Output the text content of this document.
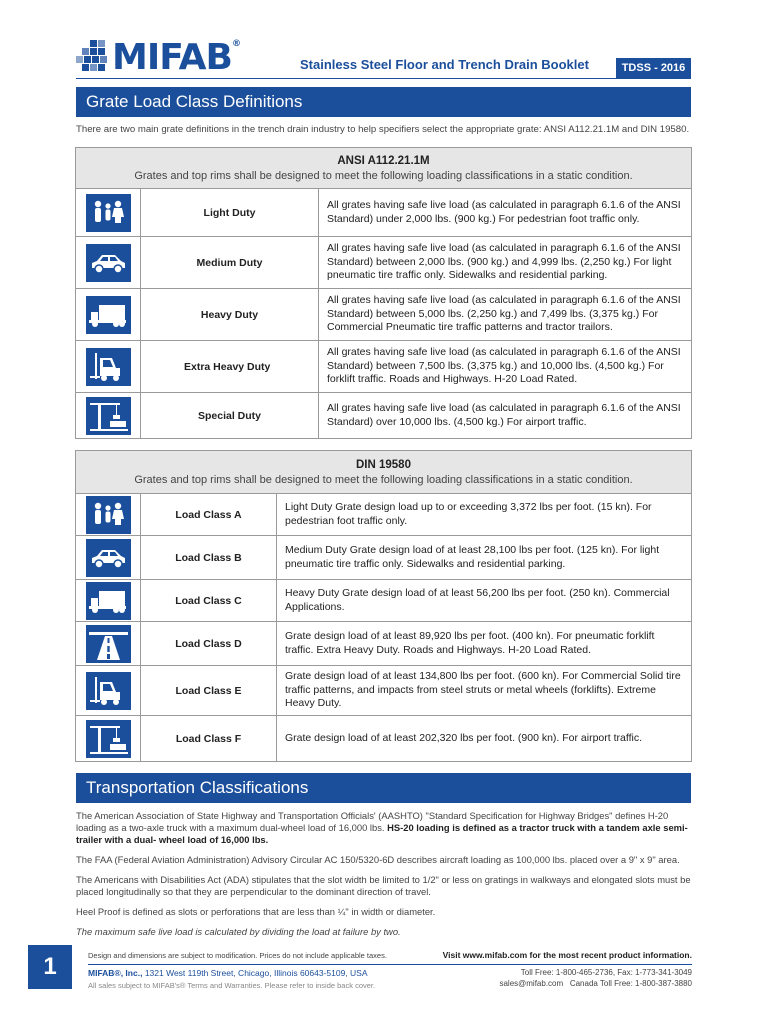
MIFAB®
Stainless Steel Floor and Trench Drain Booklet	TDSS - 2016
Grate Load Class Definitions
There are two main grate definitions in the trench drain industry to help specifiers select the appropriate grate: ANSI A112.21.1M and DIN 19580.
ANSI A112.21.1M
Grates and top rims shall be designed to meet the following loading classifications in a static condition.		

	Light Duty	All grates having safe live load (as calculated in paragraph 6.1.6 of the ANSI Standard) under 2,000 lbs. (900 kg.) For pedestrian foot traffic only.

	Medium Duty	All grates having safe live load (as calculated in paragraph 6.1.6 of the ANSI Standard) between 2,000 lbs. (900 kg.) and 4,999 lbs. (2,250 kg.) For light pneumatic tire traffic only. Sidewalks and residential parking.

	Heavy Duty	All grates having safe live load (as calculated in paragraph 6.1.6 of the ANSI Standard) between 5,000 lbs. (2,250 kg.) and 7,499 lbs. (3,375 kg.) For Commercial Pneumatic tire traffic patterns and tractor trailors.

	Extra Heavy Duty	All grates having safe live load (as calculated in paragraph 6.1.6 of the ANSI Standard) between 7,500 lbs. (3,375 kg.) and 10,000 lbs. (4,500 kg.) For forklift traffic. Roads and Highways. H-20 Load Rated.

	Special Duty	All grates having safe live load (as calculated in paragraph 6.1.6 of the ANSI Standard) over 10,000 lbs. (4,500 kg.) For airport traffic.
DIN 19580
Grates and top rims shall be designed to meet the following loading classifications in a static condition.		

	Load Class A	Light Duty Grate design load up to or exceeding 3,372 lbs per foot. (15 kn). For pedestrian foot traffic only.

	Load Class B	Medium Duty Grate design load of at least 28,100 lbs per foot. (125 kn). For light pneumatic tire traffic only. Sidewalks and residential parking.

	Load Class C	Heavy Duty Grate design load of at least 56,200 lbs per foot. (250 kn). Commercial Applications.

	Load Class D	Grate design load of at least 89,920 lbs per foot. (400 kn). For pneumatic forklift traffic. Extra Heavy Duty. Roads and Highways. H-20 Load Rated.

	Load Class E	Grate design load of at least 134,800 lbs per foot. (600 kn). For Commercial Solid tire traffic patterns, and impacts from steel struts or metal wheels (forklifts). Extreme Heavy Duty.

	Load Class F	Grate design load of at least 202,320 lbs per foot. (900 kn). For airport traffic.
Transportation Classifications
The American Association of State Highway and Transportation Officials' (AASHTO) "Standard Specification for Highway Bridges" defines H-20 loading as a two-axle truck with a maximum dual-wheel load of 16,000 lbs. HS-20 loading is defined as a tractor truck with a tandem axle semi-trailer with a dual- wheel load of 16,000 lbs.
The FAA (Federal Aviation Administration) Advisory Circular AC 150/5320-6D describes aircraft loading as 100,000 lbs. placed over a 9" x 9" area.
The Americans with Disabilities Act (ADA) stipulates that the slot width be limited to 1/2" or less on gratings in walkways and elongated slots must be placed longitudinally so that they are perpendicular to the dominant direction of travel.
Heel Proof is defined as slots or perforations that are less than ¼" in width or diameter.
The maximum safe live load is calculated by dividing the load at failure by two.
1	Design and dimensions are subject to modification. Prices do not include applicable taxes.	Visit www.mifab.com for the most recent product information.
MIFAB®, Inc., 1321 West 119th Street, Chicago, Illinois 60643-5109, USA
All sales subject to MIFAB's® Terms and Warranties. Please refer to inside back cover.
Toll Free: 1-800-465-2736, Fax: 1-773-341-3049
sales@mifab.com   Canada Toll Free: 1-800-387-3880
